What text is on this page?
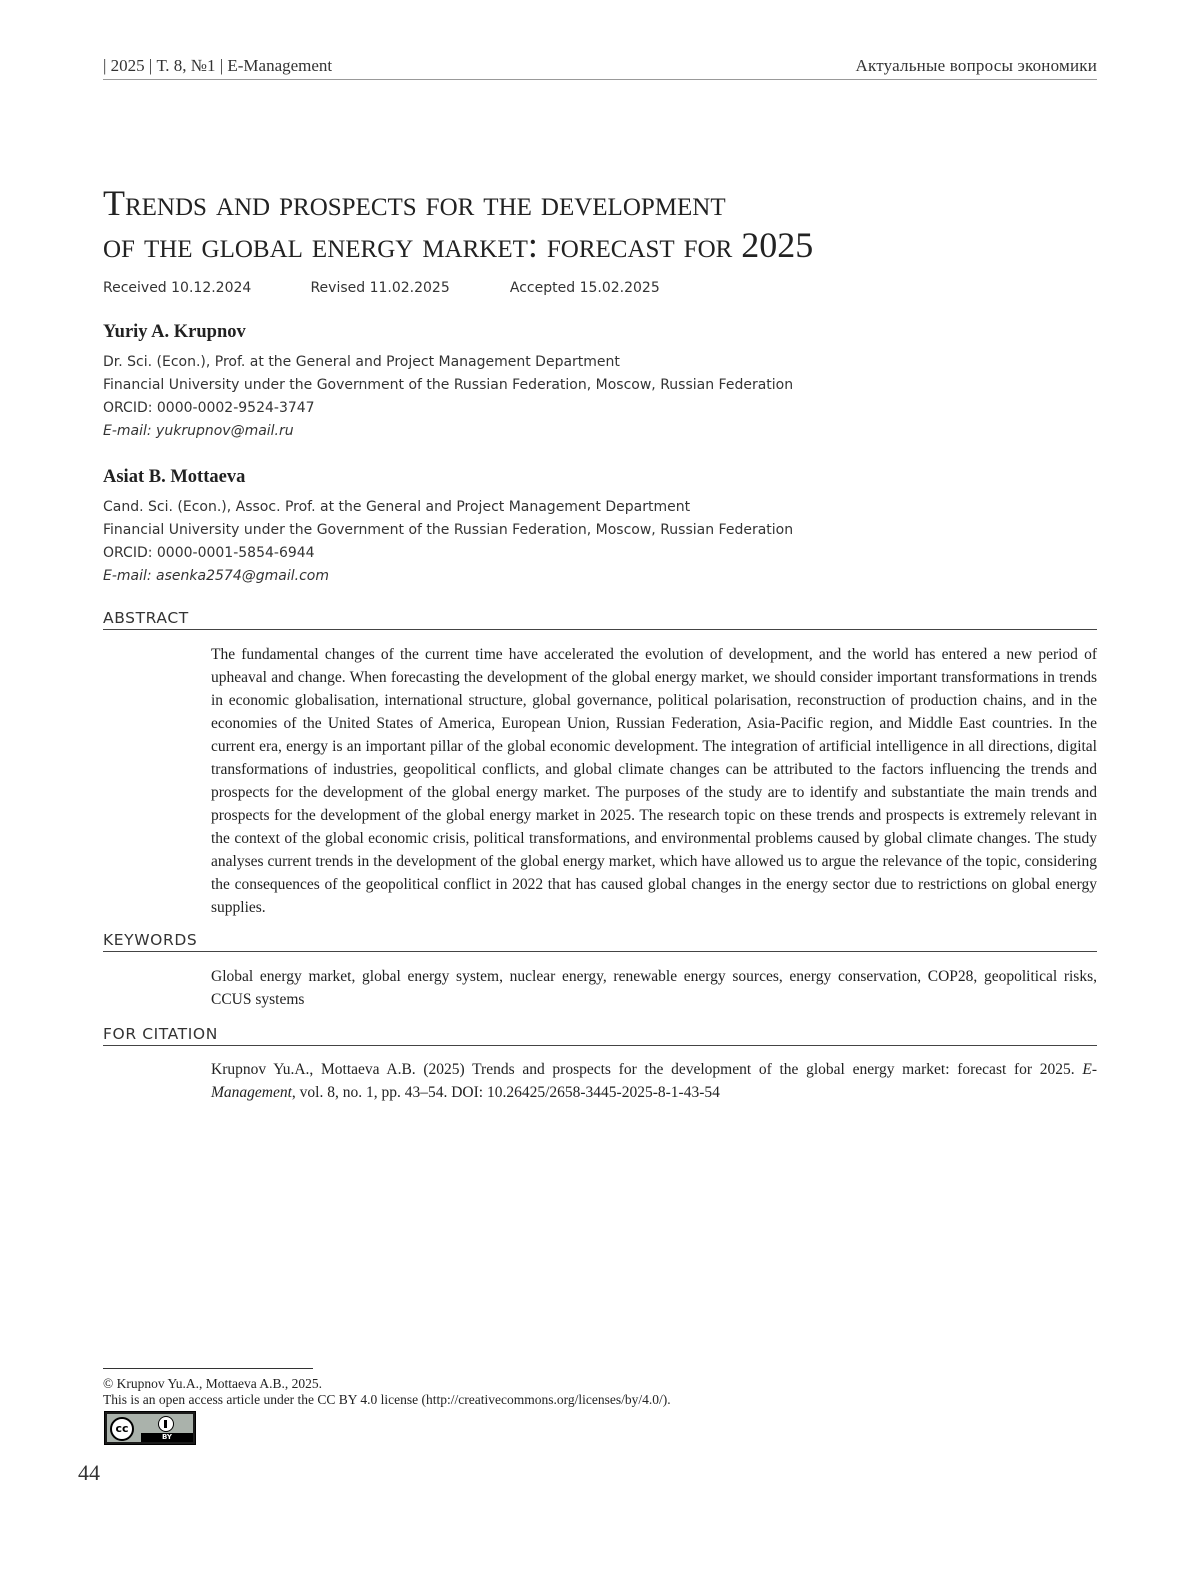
| 2025 | Т. 8, №1 | E-Management	Актуальные вопросы экономики
Trends and prospects for the development
of the global energy market: forecast for 2025
Received 10.12.2024	Revised 11.02.2025	Accepted 15.02.2025
Yuriy A. Krupnov
Dr. Sci. (Econ.), Prof. at the General and Project Management Department
Financial University under the Government of the Russian Federation, Moscow, Russian Federation
ORCID: 0000-0002-9524-3747
E-mail: yukrupnov@mail.ru
Asiat B. Mottaeva
Cand. Sci. (Econ.), Assoc. Prof. at the General and Project Management Department
Financial University under the Government of the Russian Federation, Moscow, Russian Federation
ORCID: 0000-0001-5854-6944
E-mail: asenka2574@gmail.com
ABSTRACT

The fundamental changes of the current time have accelerated the evolution of development, and the world has entered a new period of upheaval and change. When forecasting the development of the global energy market, we should consider important transformations in trends in economic globalisation, international structure, global governance, political polarisation, reconstruction of production chains, and in the economies of the United States of America, European Union, Russian Federation, Asia-Pacific region, and Middle East countries. In the current era, energy is an important pillar of the global economic development. The integration of artificial intelligence in all directions, digital transformations of industries, geopolitical conflicts, and global climate changes can be attributed to the factors influencing the trends and prospects for the development of the global energy market. The purposes of the study are to identify and substantiate the main trends and prospects for the development of the global energy market in 2025. The research topic on these trends and prospects is extremely relevant in the context of the global economic crisis, political transformations, and environmental problems caused by global climate changes. The study analyses current trends in the development of the global energy market, which have allowed us to argue the relevance of the topic, considering the consequences of the geopolitical conflict in 2022 that has caused global changes in the energy sector due to restrictions on global energy supplies.

KEYWORDS

Global energy market, global energy system, nuclear energy, renewable energy sources, energy conservation, COP28, geopolitical risks, CCUS systems

FOR CITATION

Krupnov Yu.A., Mottaeva A.B. (2025) Trends and prospects for the development of the global energy market: forecast for 2025. E-Management, vol. 8, no. 1, pp. 43–54. DOI: 10.26425/2658-3445-2025-8-1-43-54

© Krupnov Yu.A., Mottaeva A.B., 2025.
This is an open access article under the CC BY 4.0 license (http://creativecommons.org/licenses/by/4.0/).
cc
BY
44
